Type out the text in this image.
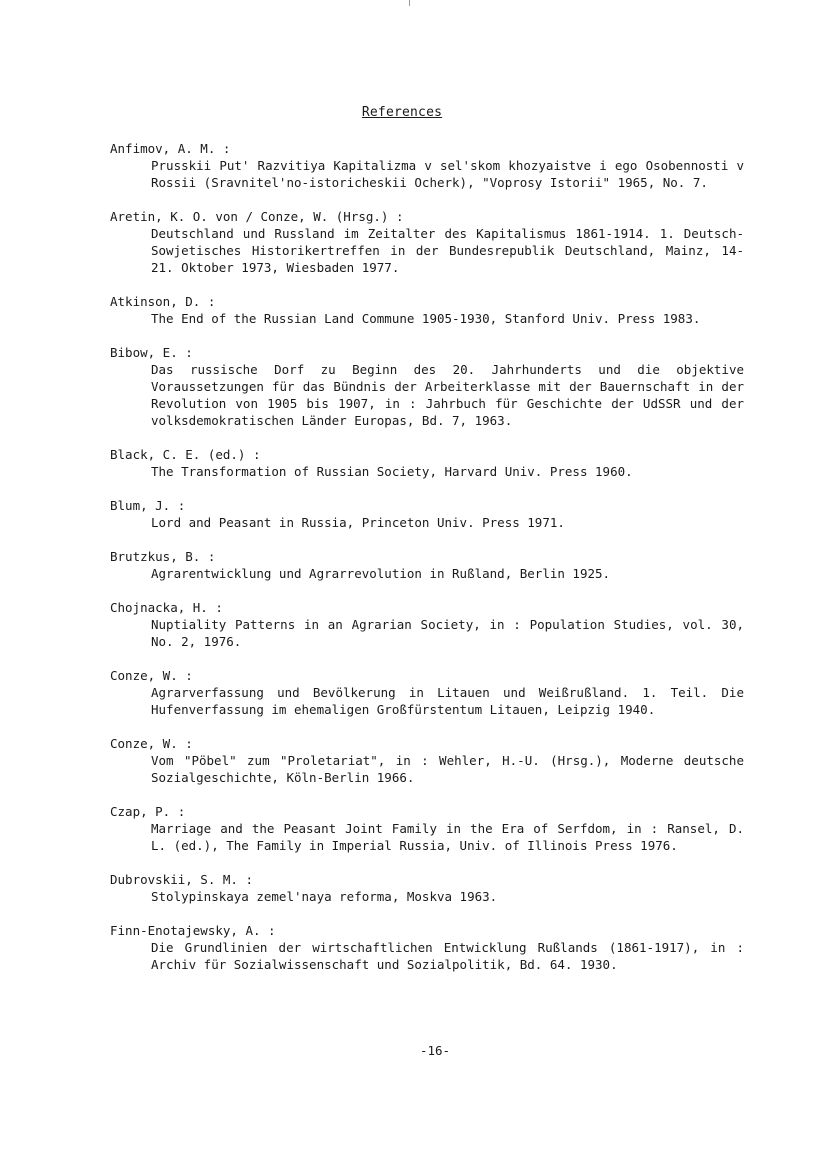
References
Anfimov, A. M. :
Prusskii Put' Razvitiya Kapitalizma v sel'skom khozyaistve i ego Osobennosti v Rossii (Sravnitel'no-istoricheskii Ocherk), "Voprosy Istorii" 1965, No. 7.
Aretin, K. O. von / Conze, W. (Hrsg.) :
Deutschland und Russland im Zeitalter des Kapitalismus 1861-1914. 1. Deutsch-Sowjetisches Historikertreffen in der Bundesrepublik Deutschland, Mainz, 14-21. Oktober 1973, Wiesbaden 1977.
Atkinson, D. :
The End of the Russian Land Commune 1905-1930, Stanford Univ. Press 1983.
Bibow, E. :
Das russische Dorf zu Beginn des 20. Jahrhunderts und die objektive Voraussetzungen für das Bündnis der Arbeiterklasse mit der Bauernschaft in der Revolution von 1905 bis 1907, in : Jahrbuch für Geschichte der UdSSR und der volksdemokratischen Länder Europas, Bd. 7, 1963.
Black, C. E. (ed.) :
The Transformation of Russian Society, Harvard Univ. Press 1960.
Blum, J. :
Lord and Peasant in Russia, Princeton Univ. Press 1971.
Brutzkus, B. :
Agrarentwicklung und Agrarrevolution in Rußland, Berlin 1925.
Chojnacka, H. :
Nuptiality Patterns in an Agrarian Society, in : Population Studies, vol. 30, No. 2, 1976.
Conze, W. :
Agrarverfassung und Bevölkerung in Litauen und Weißrußland. 1. Teil. Die Hufenverfassung im ehemaligen Großfürstentum Litauen, Leipzig 1940.
Conze, W. :
Vom "Pöbel" zum "Proletariat", in : Wehler, H.-U. (Hrsg.), Moderne deutsche Sozialgeschichte, Köln-Berlin 1966.
Czap, P. :
Marriage and the Peasant Joint Family in the Era of Serfdom, in : Ransel, D. L. (ed.), The Family in Imperial Russia, Univ. of Illinois Press 1976.
Dubrovskii, S. M. :
Stolypinskaya zemel'naya reforma, Moskva 1963.
Finn-Enotajewsky, A. :
Die Grundlinien der wirtschaftlichen Entwicklung Rußlands (1861-1917), in : Archiv für Sozialwissenschaft und Sozialpolitik, Bd. 64. 1930.
-16-
